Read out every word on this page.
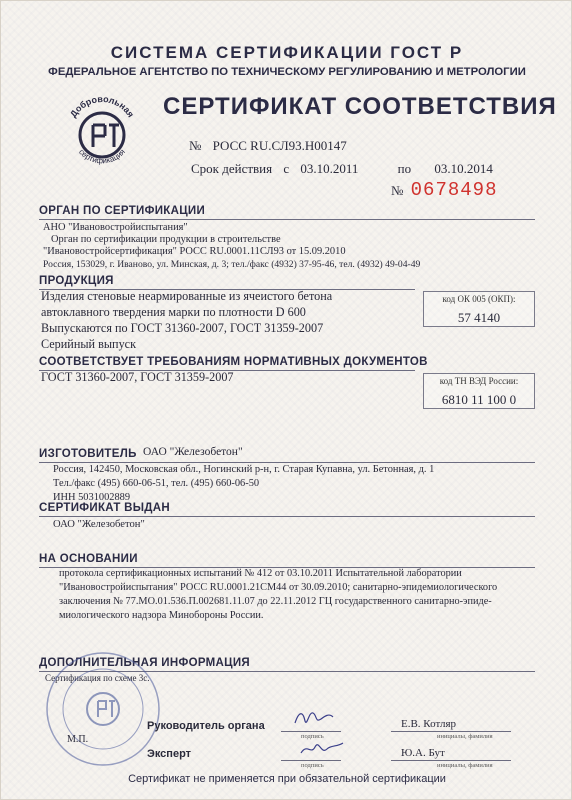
СИСТЕМА СЕРТИФИКАЦИИ ГОСТ Р
ФЕДЕРАЛЬНОЕ АГЕНТСТВО ПО ТЕХНИЧЕСКОМУ РЕГУЛИРОВАНИЮ И МЕТРОЛОГИИ
Добровольная
сертификация
СЕРТИФИКАТ СООТВЕТСТВИЯ
№ РОСС RU.СЛ93.Н00147
Срок действия с 03.10.2011	по 03.10.2014
№ 0678498
ОРГАН ПО СЕРТИФИКАЦИИ
АНО "Ивановостройиспытания"
Орган по сертификации продукции в строительстве
"Ивановостройсертификация" РОСС RU.0001.11СЛ93 от 15.09.2010
Россия, 153029, г. Иваново, ул. Минская, д. 3; тел./факс (4932) 37-95-46, тел. (4932) 49-04-49
ПРОДУКЦИЯ
Изделия стеновые неармированные из ячеистого бетона
автоклавного твердения марки по плотности D 600
Выпускаются по ГОСТ 31360-2007, ГОСТ 31359-2007
Серийный выпуск
код ОК 005 (ОКП):
57 4140
СООТВЕТСТВУЕТ ТРЕБОВАНИЯМ НОРМАТИВНЫХ ДОКУМЕНТОВ
ГОСТ 31360-2007, ГОСТ 31359-2007	код ТН ВЭД России:
6810 11 100 0
ИЗГОТОВИТЕЛЬ ОАО "Железобетон"
Россия, 142450, Московская обл., Ногинский р-н, г. Старая Купавна, ул. Бетонная, д. 1
Тел./факс (495) 660-06-51, тел. (495) 660-06-50
ИНН 5031002889
СЕРТИФИКАТ ВЫДАН
ОАО "Железобетон"
НА ОСНОВАНИИ
протокола сертификационных испытаний № 412 от 03.10.2011 Испытательной лаборатории
"Ивановостройиспытания" РОСС RU.0001.21СМ44 от 30.09.2010; санитарно-эпидемиологического
заключения № 77.МО.01.536.П.002681.11.07 до 22.11.2012 ГЦ государственного санитарно-эпиде-
миологического надзора Минобороны России.
ДОПОЛНИТЕЛЬНАЯ ИНФОРМАЦИЯ
Сертификация по схеме 3с.
Руководитель органа
подпись
Е.В. Котляр
инициалы, фамилия
М.П.
Эксперт
подпись
Ю.А. Бут
инициалы, фамилия
Сертификат не применяется при обязательной сертификации
